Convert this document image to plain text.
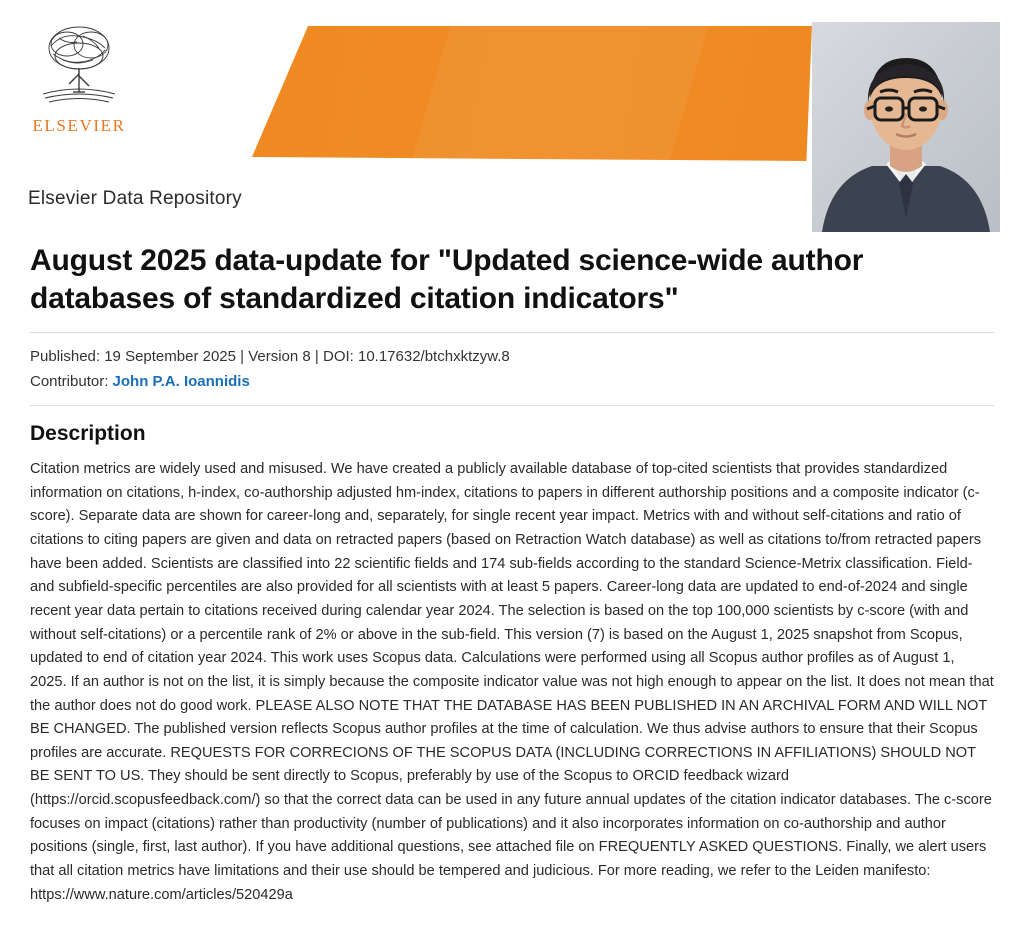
ELSEVIER
Elsevier Data Repository
August 2025 data-update for "Updated science-wide author databases of standardized citation indicators"
Published: 19 September 2025 | Version 8 | DOI: 10.17632/btchxktzyw.8
Contributor: John P.A. Ioannidis
Description
Citation metrics are widely used and misused. We have created a publicly available database of top-cited scientists that provides standardized information on citations, h-index, co-authorship adjusted hm-index, citations to papers in different authorship positions and a composite indicator (c-score). Separate data are shown for career-long and, separately, for single recent year impact. Metrics with and without self-citations and ratio of citations to citing papers are given and data on retracted papers (based on Retraction Watch database) as well as citations to/from retracted papers have been added. Scientists are classified into 22 scientific fields and 174 sub-fields according to the standard Science-Metrix classification. Field- and subfield-specific percentiles are also provided for all scientists with at least 5 papers. Career-long data are updated to end-of-2024 and single recent year data pertain to citations received during calendar year 2024. The selection is based on the top 100,000 scientists by c-score (with and without self-citations) or a percentile rank of 2% or above in the sub-field. This version (7) is based on the August 1, 2025 snapshot from Scopus, updated to end of citation year 2024. This work uses Scopus data. Calculations were performed using all Scopus author profiles as of August 1, 2025. If an author is not on the list, it is simply because the composite indicator value was not high enough to appear on the list. It does not mean that the author does not do good work. PLEASE ALSO NOTE THAT THE DATABASE HAS BEEN PUBLISHED IN AN ARCHIVAL FORM AND WILL NOT BE CHANGED. The published version reflects Scopus author profiles at the time of calculation. We thus advise authors to ensure that their Scopus profiles are accurate. REQUESTS FOR CORRECIONS OF THE SCOPUS DATA (INCLUDING CORRECTIONS IN AFFILIATIONS) SHOULD NOT BE SENT TO US. They should be sent directly to Scopus, preferably by use of the Scopus to ORCID feedback wizard (https://orcid.scopusfeedback.com/) so that the correct data can be used in any future annual updates of the citation indicator databases. The c-score focuses on impact (citations) rather than productivity (number of publications) and it also incorporates information on co-authorship and author positions (single, first, last author). If you have additional questions, see attached file on FREQUENTLY ASKED QUESTIONS. Finally, we alert users that all citation metrics have limitations and their use should be tempered and judicious. For more reading, we refer to the Leiden manifesto: https://www.nature.com/articles/520429a
